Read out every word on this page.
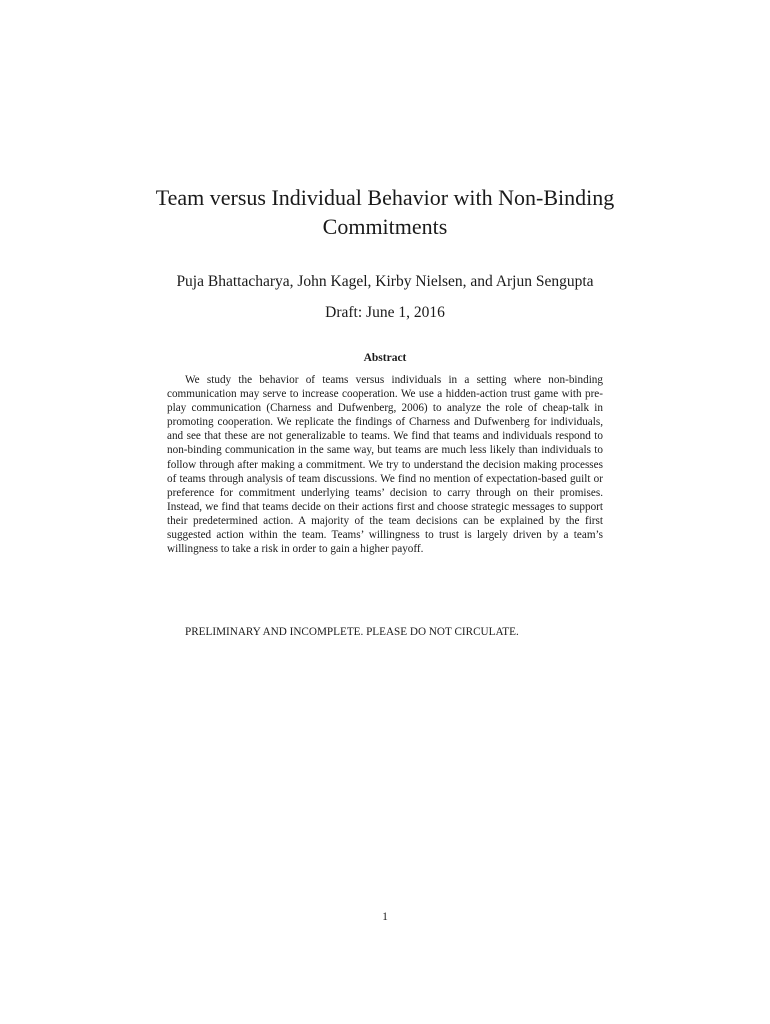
Team versus Individual Behavior with Non-Binding Commitments
Puja Bhattacharya, John Kagel, Kirby Nielsen, and Arjun Sengupta
Draft: June 1, 2016
Abstract

We study the behavior of teams versus individuals in a setting where non-binding communication may serve to increase cooperation. We use a hidden-action trust game with pre-play communication (Charness and Dufwenberg, 2006) to analyze the role of cheap-talk in promoting cooperation. We replicate the findings of Charness and Dufwenberg for individuals, and see that these are not generalizable to teams. We find that teams and individuals respond to non-binding communication in the same way, but teams are much less likely than individuals to follow through after making a commitment. We try to understand the decision making processes of teams through analysis of team discussions. We find no mention of expectation-based guilt or preference for commitment underlying teams’ decision to carry through on their promises. Instead, we find that teams decide on their actions first and choose strategic messages to support their predetermined action. A majority of the team decisions can be explained by the first suggested action within the team. Teams’ willingness to trust is largely driven by a team’s willingness to take a risk in order to gain a higher payoff.

PRELIMINARY AND INCOMPLETE. PLEASE DO NOT CIRCULATE.
1
